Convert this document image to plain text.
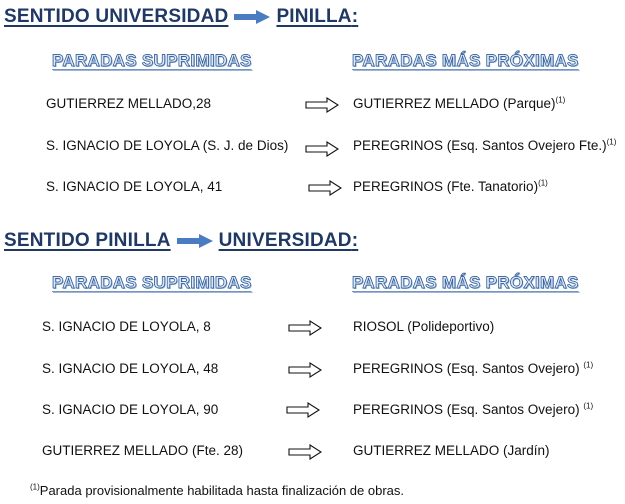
SENTIDO UNIVERSIDAD	PINILLA:
PARADAS SUPRIMIDAS	PARADAS MÁS PRÓXIMAS
GUTIERREZ MELLADO,28	GUTIERREZ MELLADO (Parque)$^{(1)}$
S. IGNACIO DE LOYOLA (S. J. de Dios)	PEREGRINOS (Esq. Santos Ovejero Fte.)$^{(1)}$
S. IGNACIO DE LOYOLA, 41	PEREGRINOS (Fte. Tanatorio)$^{(1)}$
SENTIDO PINILLA	UNIVERSIDAD:
PARADAS SUPRIMIDAS	PARADAS MÁS PRÓXIMAS
S. IGNACIO DE LOYOLA, 8	RIOSOL (Polideportivo)
S. IGNACIO DE LOYOLA, 48	PEREGRINOS (Esq. Santos Ovejero) $^{(1)}$
S. IGNACIO DE LOYOLA, 90	PEREGRINOS (Esq. Santos Ovejero) $^{(1)}$
GUTIERREZ MELLADO (Fte. 28)	GUTIERREZ MELLADO (Jardín)
$^{(1)}$Parada provisionalmente habilitada hasta finalización de obras.
